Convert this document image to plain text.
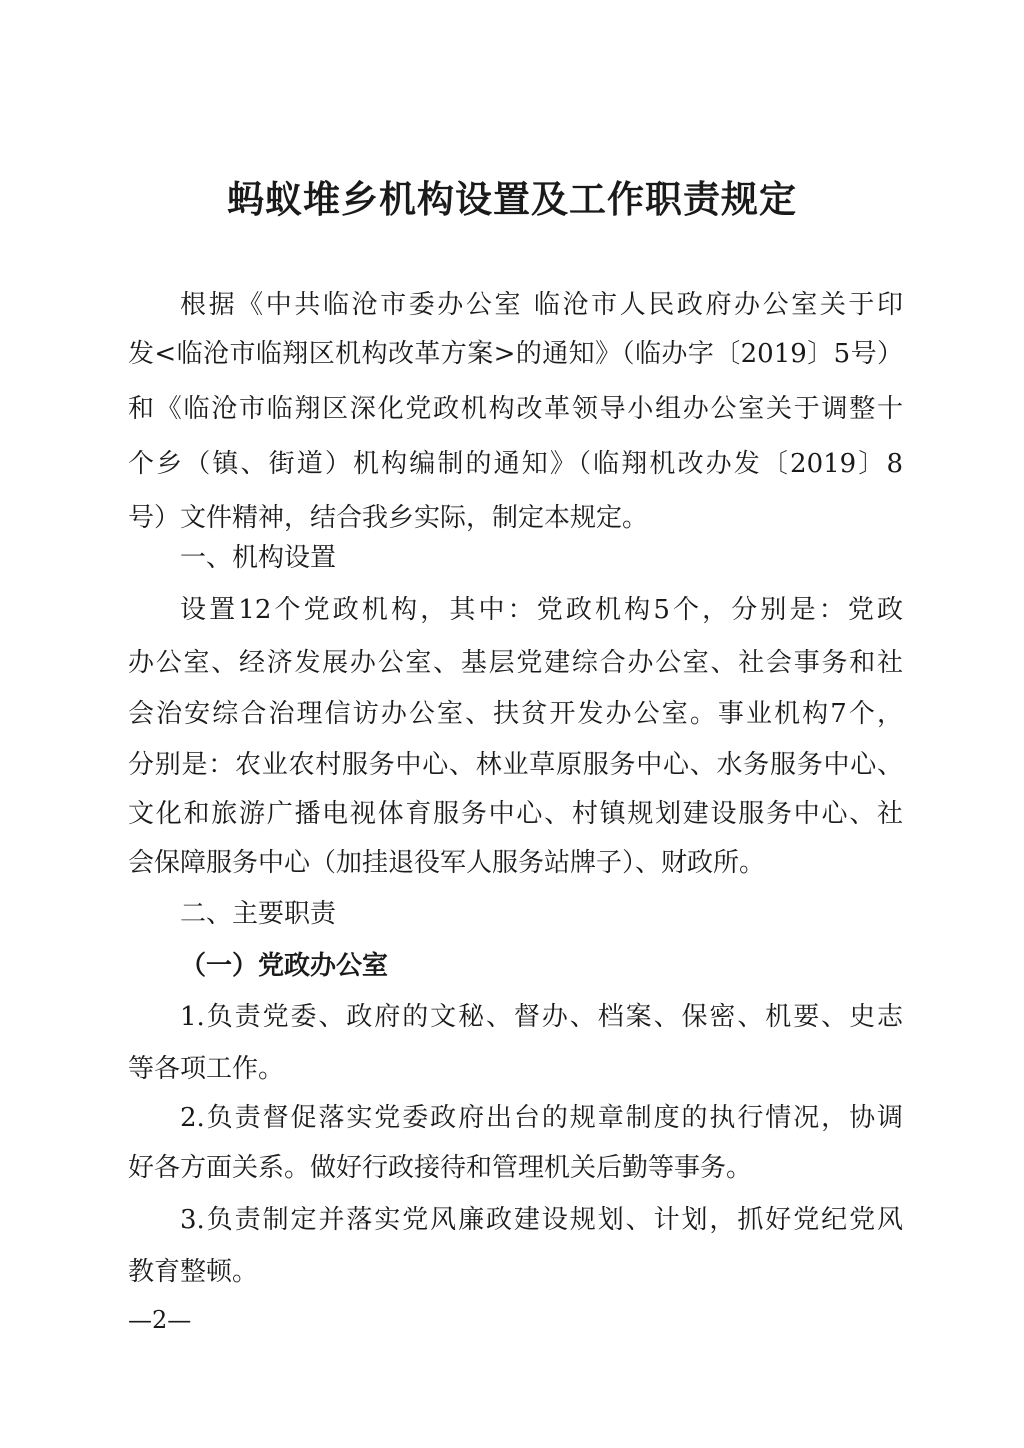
蚂蚁堆乡机构设置及工作职责规定
根据《中共临沧市委办公室 临沧市人民政府办公室关于印
发<临沧市临翔区机构改革方案>的通知》（临办字〔2019〕5号）
和《临沧市临翔区深化党政机构改革领导小组办公室关于调整十
个乡（镇、街道）机构编制的通知》（临翔机改办发〔2019〕8
号）文件精神，结合我乡实际，制定本规定。
一、机构设置
设置12个党政机构，其中：党政机构5个，分别是：党政
办公室、经济发展办公室、基层党建综合办公室、社会事务和社
会治安综合治理信访办公室、扶贫开发办公室。事业机构7个，
分别是：农业农村服务中心、林业草原服务中心、水务服务中心、
文化和旅游广播电视体育服务中心、村镇规划建设服务中心、社
会保障服务中心（加挂退役军人服务站牌子）、财政所。
二、主要职责
（一）党政办公室
1.负责党委、政府的文秘、督办、档案、保密、机要、史志
等各项工作。
2.负责督促落实党委政府出台的规章制度的执行情况，协调
好各方面关系。做好行政接待和管理机关后勤等事务。
3.负责制定并落实党风廉政建设规划、计划，抓好党纪党风
教育整顿。
—2—
